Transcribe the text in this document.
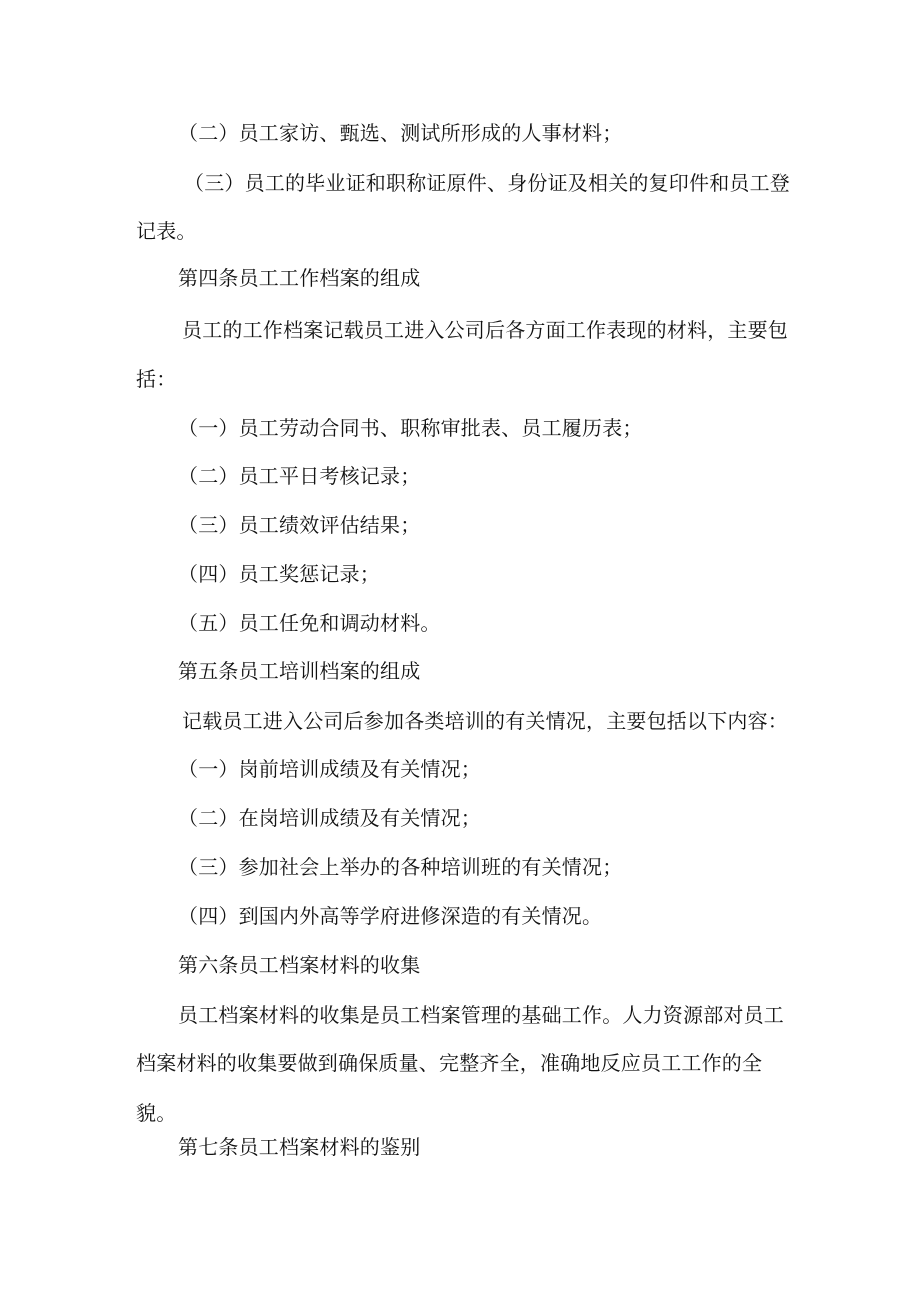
（二）员工家访、甄选、测试所形成的人事材料；
（三）员工的毕业证和职称证原件、身份证及相关的复印件和员工登
记表。
第四条员工工作档案的组成
员工的工作档案记载员工进入公司后各方面工作表现的材料，主要包
括：
（一）员工劳动合同书、职称审批表、员工履历表；
（二）员工平日考核记录；
（三）员工绩效评估结果；
（四）员工奖惩记录；
（五）员工任免和调动材料。
第五条员工培训档案的组成
记载员工进入公司后参加各类培训的有关情况，主要包括以下内容：
（一）岗前培训成绩及有关情况；
（二）在岗培训成绩及有关情况；
（三）参加社会上举办的各种培训班的有关情况；
（四）到国内外高等学府进修深造的有关情况。
第六条员工档案材料的收集
员工档案材料的收集是员工档案管理的基础工作。人力资源部对员工
档案材料的收集要做到确保质量、完整齐全，准确地反应员工工作的全
貌。
第七条员工档案材料的鉴别
